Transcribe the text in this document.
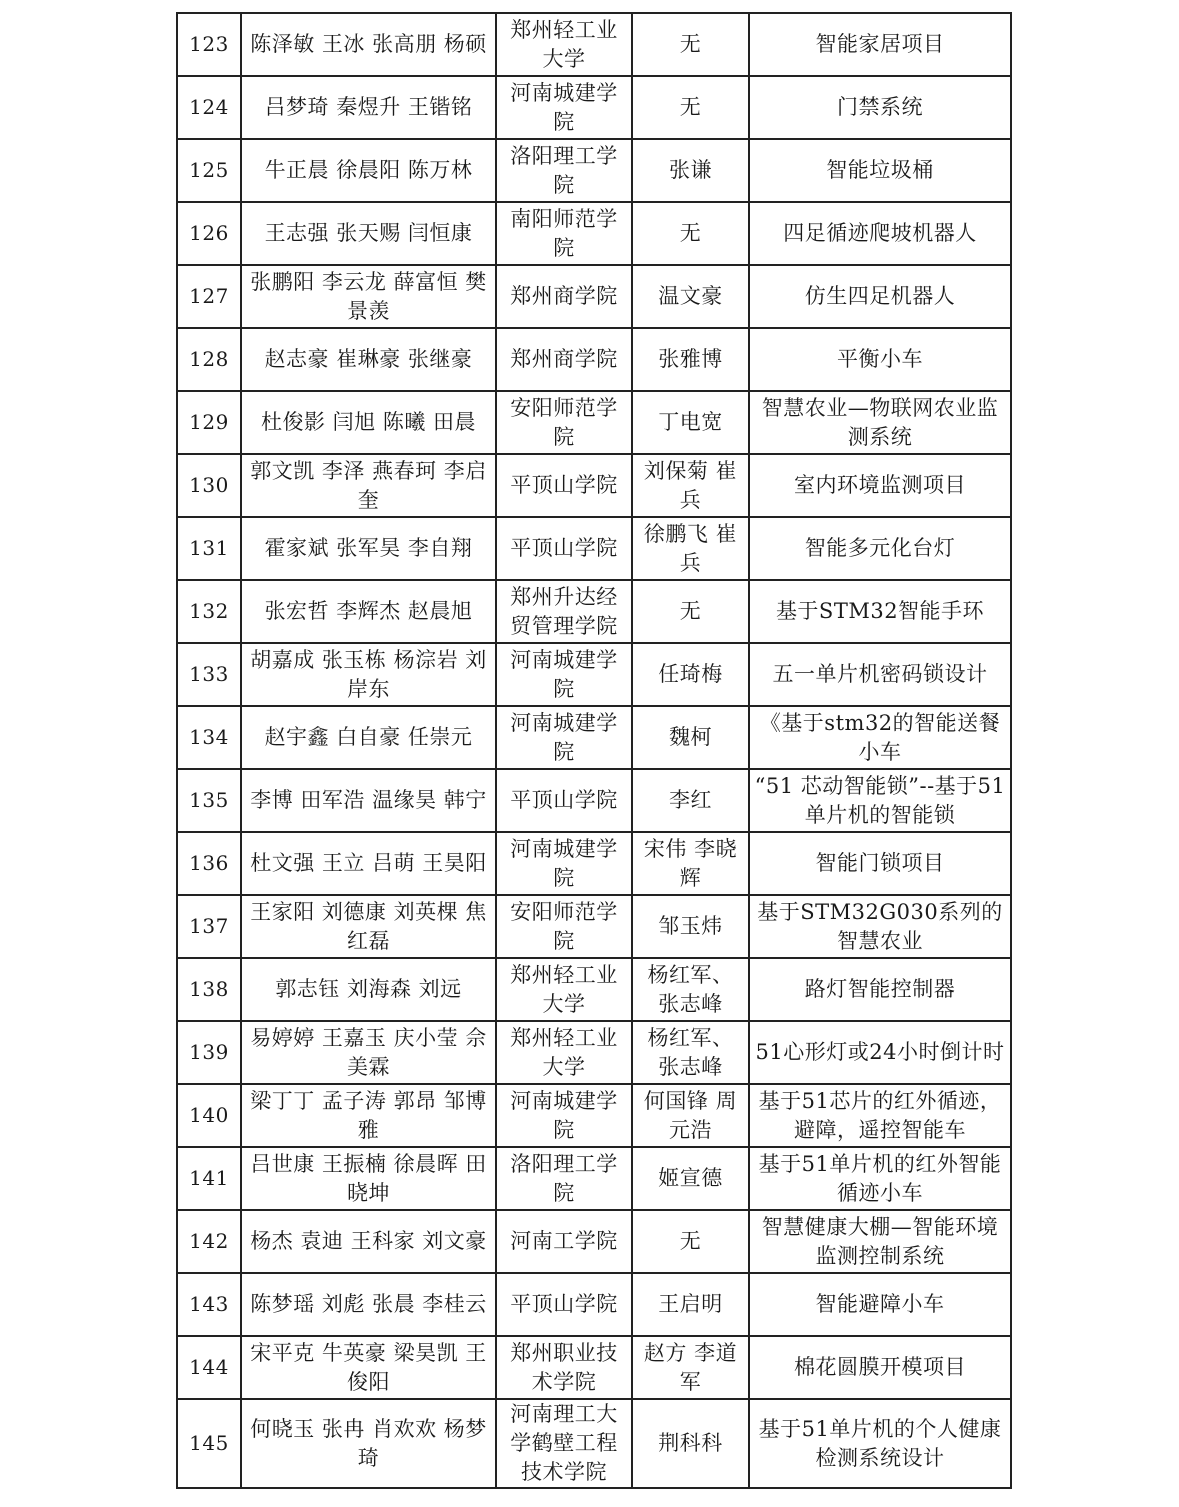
123	陈泽敏 王冰 张高朋 杨硕	郑州轻工业大学	无	智能家居项目
124	吕梦琦 秦煜升 王锴铭	河南城建学院	无	门禁系统
125	牛正晨 徐晨阳 陈万林	洛阳理工学院	张谦	智能垃圾桶
126	王志强 张天赐 闫恒康	南阳师范学院	无	四足循迹爬坡机器人
127	张鹏阳 李云龙 薛富恒 樊景羡	郑州商学院	温文豪	仿生四足机器人
128	赵志豪 崔琳豪 张继豪	郑州商学院	张雅博	平衡小车
129	杜俊影 闫旭 陈曦 田晨	安阳师范学院	丁电宽	智慧农业—物联网农业监测系统
130	郭文凯 李泽 燕春珂 李启奎	平顶山学院	刘保菊 崔兵	室内环境监测项目
131	霍家斌 张军昊 李自翔	平顶山学院	徐鹏飞 崔兵	智能多元化台灯
132	张宏哲 李辉杰 赵晨旭	郑州升达经贸管理学院	无	基于STM32智能手环
133	胡嘉成 张玉栋 杨淙岩 刘岸东	河南城建学院	任琦梅	五一单片机密码锁设计
134	赵宇鑫 白自豪 任崇元	河南城建学院	魏柯	《基于stm32的智能送餐小车
135	李博 田军浩 温缘昊 韩宁	平顶山学院	李红	“51 芯动智能锁”--基于51单片机的智能锁
136	杜文强 王立 吕萌 王昊阳	河南城建学院	宋伟 李晓辉	智能门锁项目
137	王家阳 刘德康 刘英棵 焦红磊	安阳师范学院	邹玉炜	基于STM32G030系列的智慧农业
138	郭志钰 刘海森 刘远	郑州轻工业大学	杨红军、张志峰	路灯智能控制器
139	易婷婷 王嘉玉 庆小莹 佘美霖	郑州轻工业大学	杨红军、张志峰	51心形灯或24小时倒计时
140	梁丁丁 孟子涛 郭昂 邹博雅	河南城建学院	何国锋 周元浩	基于51芯片的红外循迹，避障，遥控智能车
141	吕世康 王振楠 徐晨晖 田晓坤	洛阳理工学院	姬宣德	基于51单片机的红外智能循迹小车
142	杨杰 袁迪 王科家 刘文豪	河南工学院	无	智慧健康大棚—智能环境监测控制系统
143	陈梦瑶 刘彪 张晨 李桂云	平顶山学院	王启明	智能避障小车
144	宋平克 牛英豪 梁昊凯 王俊阳	郑州职业技术学院	赵方 李道军	棉花圆膜开模项目
145	何晓玉 张冉 肖欢欢 杨梦琦	河南理工大学鹤壁工程技术学院	荆科科	基于51单片机的个人健康检测系统设计
